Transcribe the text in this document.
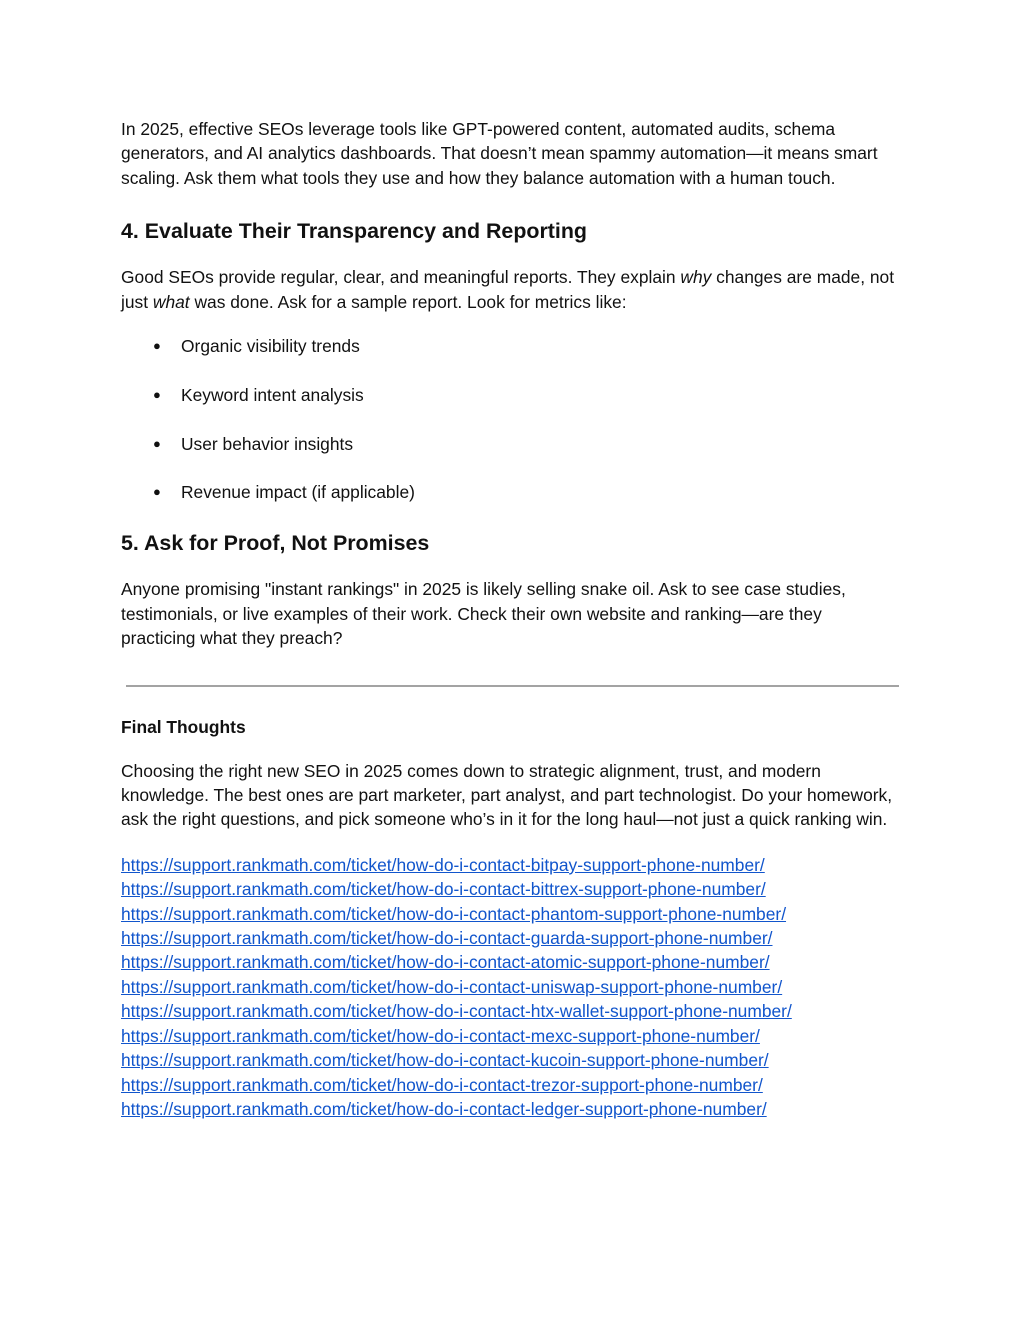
In 2025, effective SEOs leverage tools like GPT-powered content, automated audits, schema generators, and AI analytics dashboards. That doesn’t mean spammy automation—it means smart scaling. Ask them what tools they use and how they balance automation with a human touch.

4. Evaluate Their Transparency and Reporting

Good SEOs provide regular, clear, and meaningful reports. They explain why changes are made, not just what was done. Ask for a sample report. Look for metrics like:

● Organic visibility trends
● Keyword intent analysis
● User behavior insights
● Revenue impact (if applicable)
5. Ask for Proof, Not Promises

Anyone promising "instant rankings" in 2025 is likely selling snake oil. Ask to see case studies, testimonials, or live examples of their work. Check their own website and ranking—are they practicing what they preach?

Final Thoughts

Choosing the right new SEO in 2025 comes down to strategic alignment, trust, and modern knowledge. The best ones are part marketer, part analyst, and part technologist. Do your homework, ask the right questions, and pick someone who’s in it for the long haul—not just a quick ranking win.

https://support.rankmath.com/ticket/how-do-i-contact-bitpay-support-phone-number/
https://support.rankmath.com/ticket/how-do-i-contact-bittrex-support-phone-number/
https://support.rankmath.com/ticket/how-do-i-contact-phantom-support-phone-number/
https://support.rankmath.com/ticket/how-do-i-contact-guarda-support-phone-number/
https://support.rankmath.com/ticket/how-do-i-contact-atomic-support-phone-number/
https://support.rankmath.com/ticket/how-do-i-contact-uniswap-support-phone-number/
https://support.rankmath.com/ticket/how-do-i-contact-htx-wallet-support-phone-number/
https://support.rankmath.com/ticket/how-do-i-contact-mexc-support-phone-number/
https://support.rankmath.com/ticket/how-do-i-contact-kucoin-support-phone-number/
https://support.rankmath.com/ticket/how-do-i-contact-trezor-support-phone-number/
https://support.rankmath.com/ticket/how-do-i-contact-ledger-support-phone-number/
